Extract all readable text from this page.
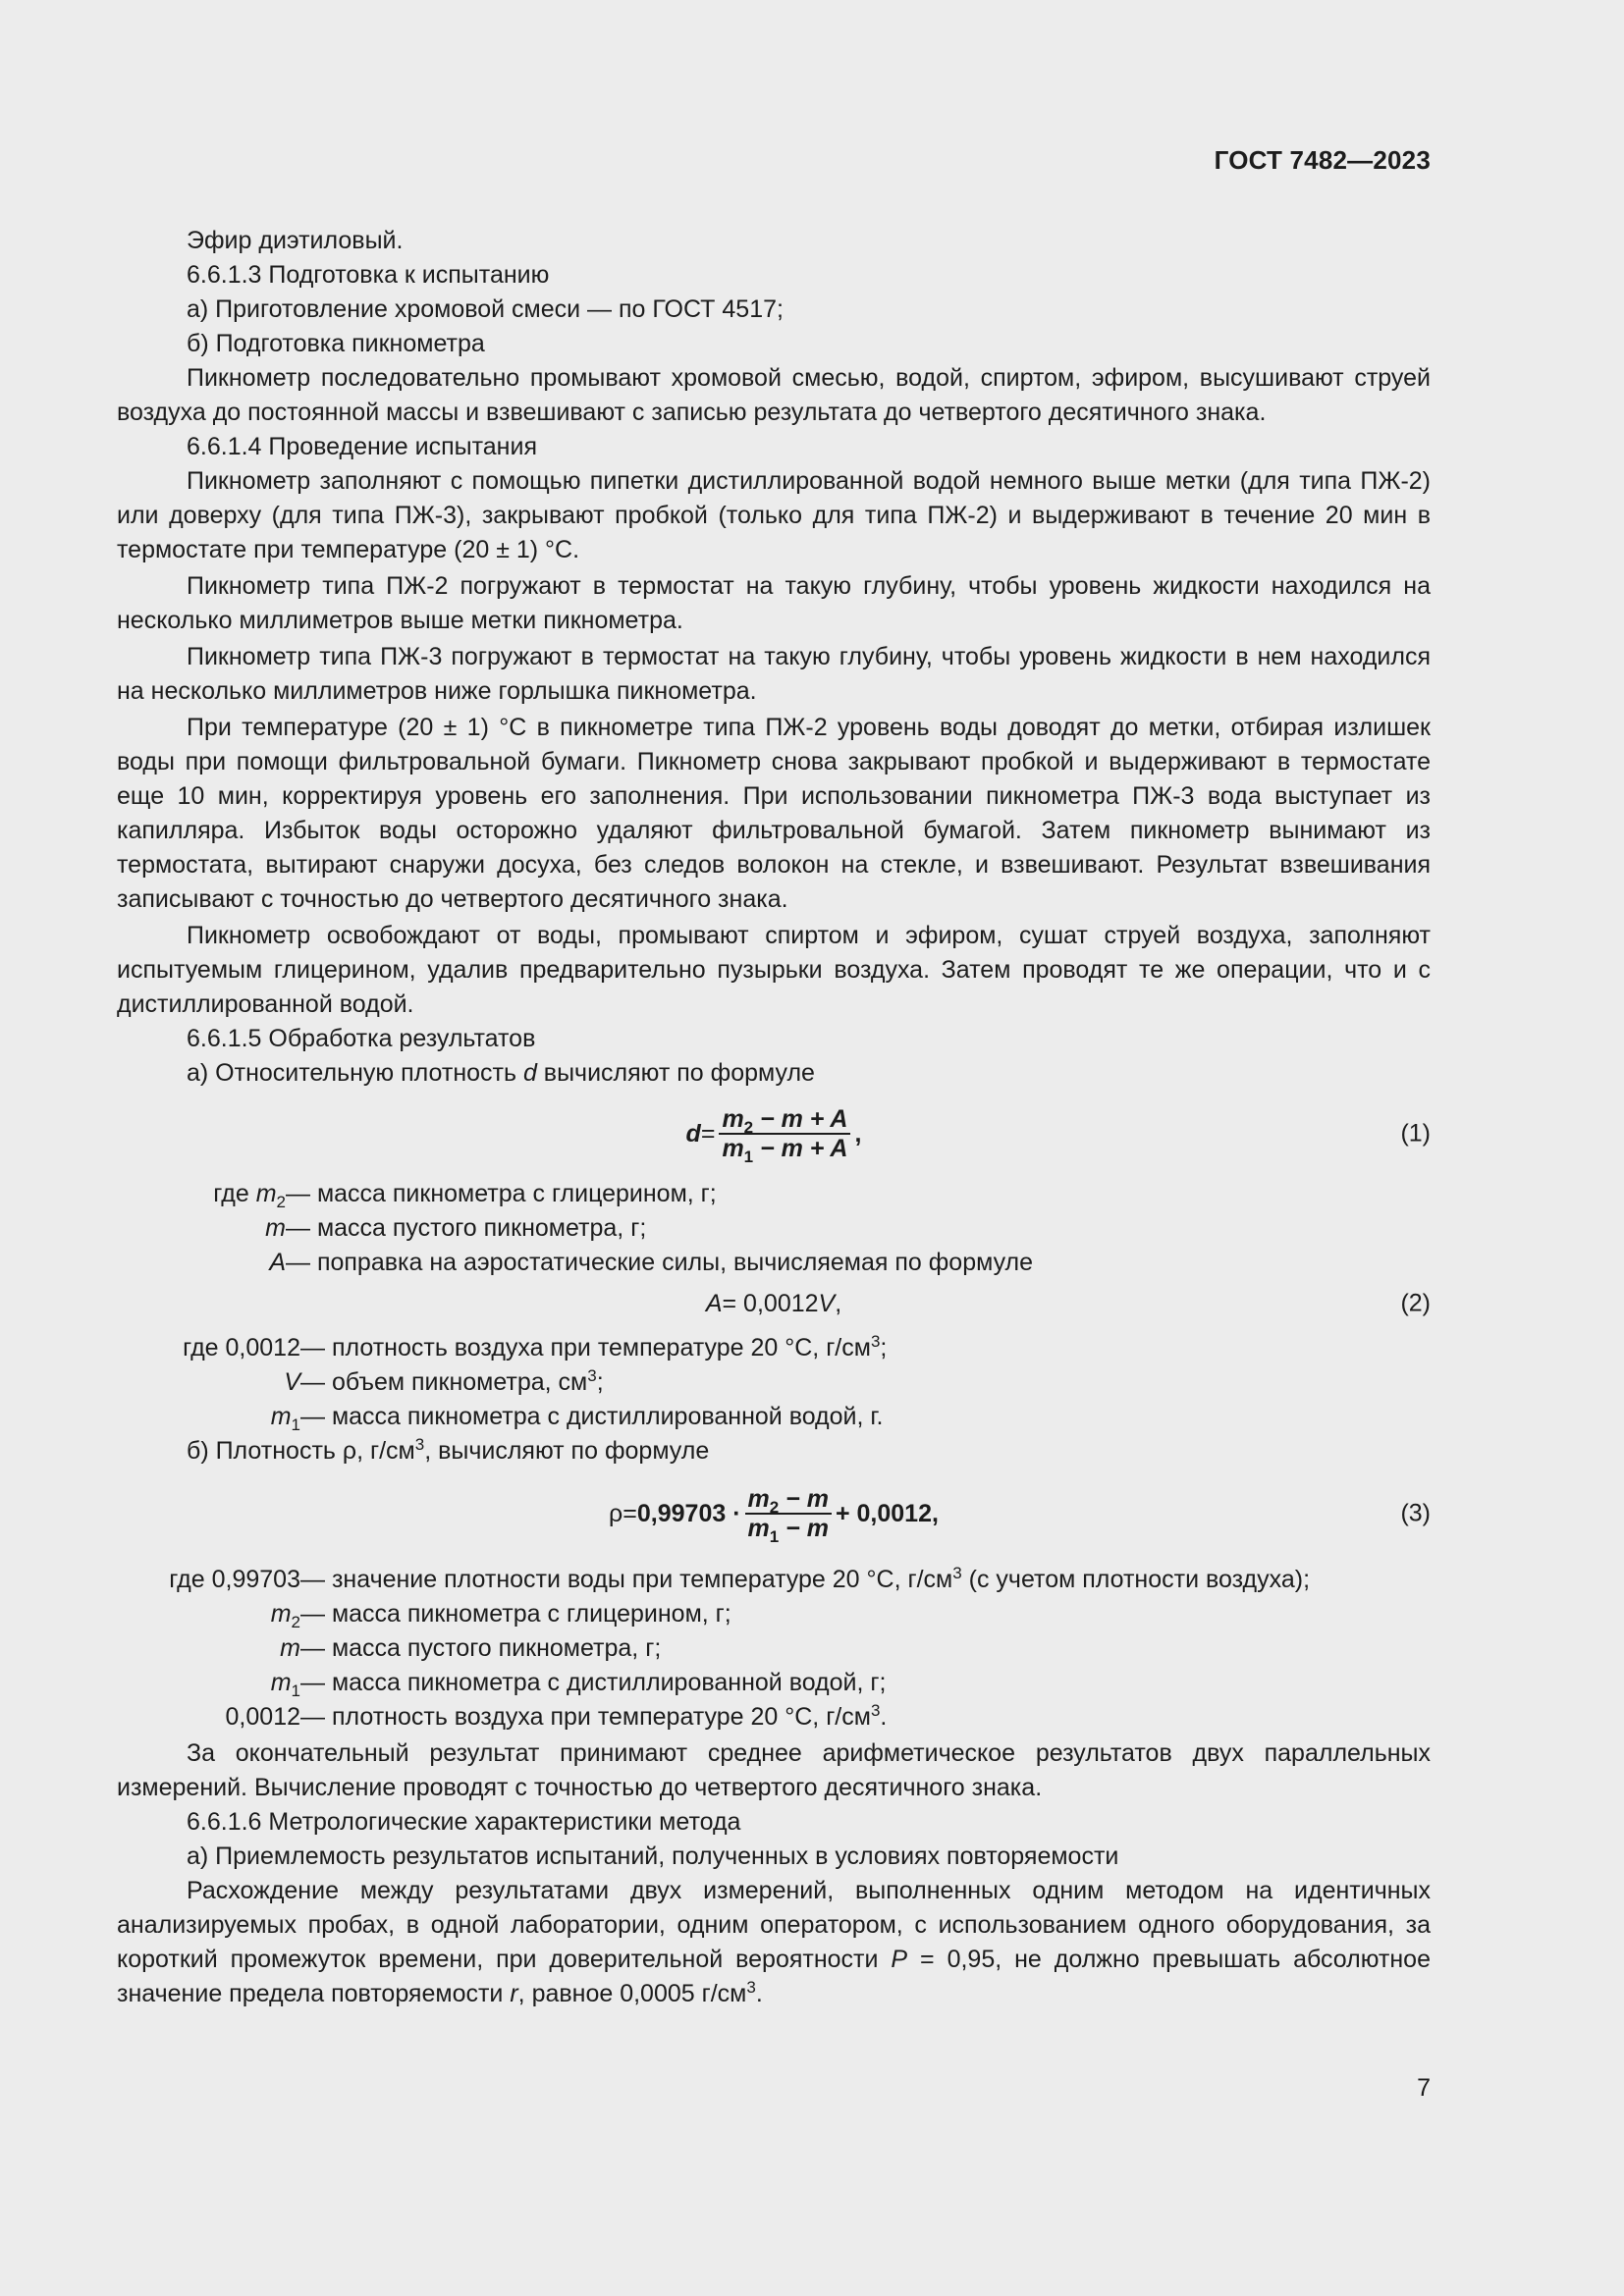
ГОСТ 7482—2023

Эфир диэтиловый.

6.6.1.3 Подготовка к испытанию

а) Приготовление хромовой смеси — по ГОСТ 4517;

б) Подготовка пикнометра

Пикнометр последовательно промывают хромовой смесью, водой, спиртом, эфиром, высушивают струей воздуха до постоянной массы и взвешивают с записью результата до четвертого десятичного знака.

6.6.1.4 Проведение испытания

Пикнометр заполняют с помощью пипетки дистиллированной водой немного выше метки (для типа ПЖ-2) или доверху (для типа ПЖ-3), закрывают пробкой (только для типа ПЖ-2) и выдерживают в течение 20 мин в термостате при температуре (20 ± 1) °С.

Пикнометр типа ПЖ-2 погружают в термостат на такую глубину, чтобы уровень жидкости находился на несколько миллиметров выше метки пикнометра.

Пикнометр типа ПЖ-3 погружают в термостат на такую глубину, чтобы уровень жидкости в нем находился на несколько миллиметров ниже горлышка пикнометра.

При температуре (20 ± 1) °С в пикнометре типа ПЖ-2 уровень воды доводят до метки, отбирая излишек воды при помощи фильтровальной бумаги. Пикнометр снова закрывают пробкой и выдерживают в термостате еще 10 мин, корректируя уровень его заполнения. При использовании пикнометра ПЖ-3 вода выступает из капилляра. Избыток воды осторожно удаляют фильтровальной бумагой. Затем пикнометр вынимают из термостата, вытирают снаружи досуха, без следов волокон на стекле, и взвешивают. Результат взвешивания записывают с точностью до четвертого десятичного знака.

Пикнометр освобождают от воды, промывают спиртом и эфиром, сушат струей воздуха, заполняют испытуемым глицерином, удалив предварительно пузырьки воздуха. Затем проводят те же операции, что и с дистиллированной водой.

6.6.1.5 Обработка результатов

а) Относительную плотность d вычисляют по формуле

$d = \frac{m_2 - m + A}{m_1 - m + A}$ ,	(1)
где $m_2$ — масса пикнометра с глицерином, г;
m — масса пустого пикнометра, г;
A — поправка на аэростатические силы, вычисляемая по формуле
A = 0,0012 V ,	(2)
где 0,0012 — плотность воздуха при температуре 20 °С, $г/см^3$;
V — объем пикнометра, $см^3$;
$m_1$ — масса пикнометра с дистиллированной водой, г.

б) Плотность ρ, $г/см^3$, вычисляют по формуле

$\rho = 0,99703 \cdot \frac{m_2 - m}{m_1 - m} + 0,0012$,	(3)
где 0,99703 — значение плотности воды при температуре 20 °С, $г/см^3$ (с учетом плотности воздуха);
$m_2$ — масса пикнометра с глицерином, г;
m — масса пустого пикнометра, г;
$m_1$ — масса пикнометра с дистиллированной водой, г;
0,0012 — плотность воздуха при температуре 20 °С, $г/см^3$.

За окончательный результат принимают среднее арифметическое результатов двух параллельных измерений. Вычисление проводят с точностью до четвертого десятичного знака.

6.6.1.6 Метрологические характеристики метода

а) Приемлемость результатов испытаний, полученных в условиях повторяемости

Расхождение между результатами двух измерений, выполненных одним методом на идентичных анализируемых пробах, в одной лаборатории, одним оператором, с использованием одного оборудования, за короткий промежуток времени, при доверительной вероятности P = 0,95, не должно превышать абсолютное значение предела повторяемости r, равное 0,0005 $г/см^3$.

7
